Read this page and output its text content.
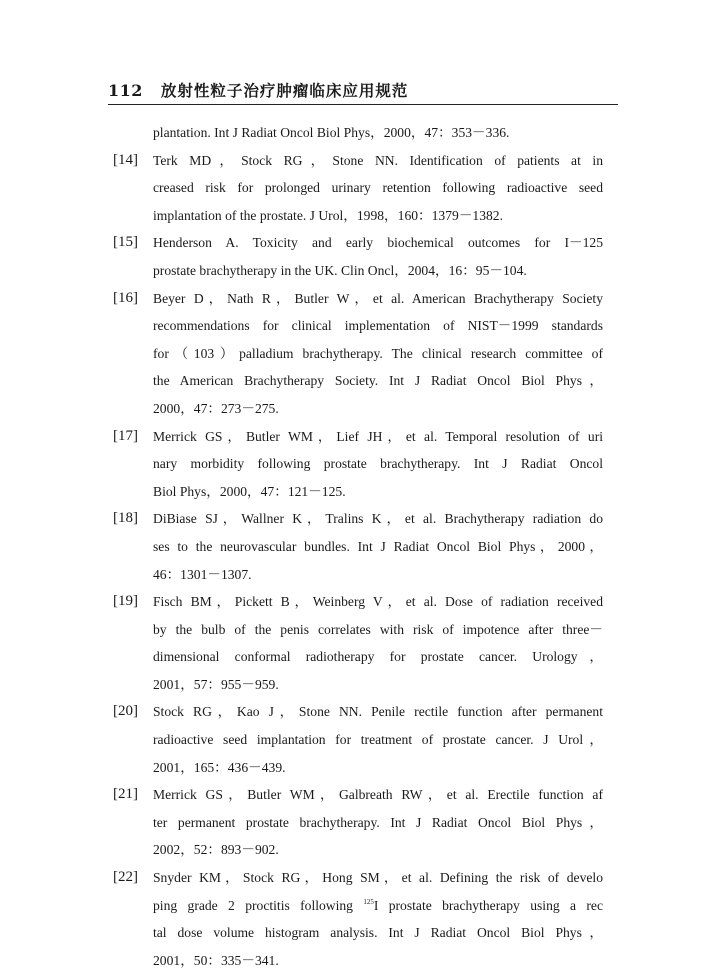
112 放射性粒子治疗肿瘤临床应用规范
plantation. Int J Radiat Oncol Biol Phys，2000，47：353－336.
[14]	Terk MD，Stock RG，Stone NN. Identification of patients at in
creased risk for prolonged urinary retention following radioactive seed
implantation of the prostate. J Urol，1998，160：1379－1382.
[15]	Henderson A. Toxicity and early biochemical outcomes for I－125
prostate brachytherapy in the UK. Clin Oncl，2004，16：95－104.
[16]	Beyer D，Nath R，Butler W，et al. American Brachytherapy Society
recommendations for clinical implementation of NIST－1999 standards
for（103）palladium brachytherapy. The clinical research committee of
the American Brachytherapy Society. Int J Radiat Oncol Biol Phys，
2000，47：273－275.
[17]	Merrick GS，Butler WM，Lief JH，et al. Temporal resolution of uri
nary morbidity following prostate brachytherapy. Int J Radiat Oncol
Biol Phys，2000，47：121－125.
[18]	DiBiase SJ，Wallner K，Tralins K，et al. Brachytherapy radiation do
ses to the neurovascular bundles. Int J Radiat Oncol Biol Phys，2000，
46：1301－1307.
[19]	Fisch BM，Pickett B，Weinberg V，et al. Dose of radiation received
by the bulb of the penis correlates with risk of impotence after three－
dimensional conformal radiotherapy for prostate cancer. Urology，
2001，57：955－959.
[20]	Stock RG，Kao J，Stone NN. Penile rectile function after permanent
radioactive seed implantation for treatment of prostate cancer. J Urol，
2001，165：436－439.
[21]	Merrick GS，Butler WM，Galbreath RW，et al. Erectile function af
ter permanent prostate brachytherapy. Int J Radiat Oncol Biol Phys，
2002，52：893－902.
[22]	Snyder KM，Stock RG，Hong SM，et al. Defining the risk of develo
ping grade 2 proctitis following $^{125}$I prostate brachytherapy using a rec
tal dose volume histogram analysis. Int J Radiat Oncol Biol Phys，
2001，50：335－341.
